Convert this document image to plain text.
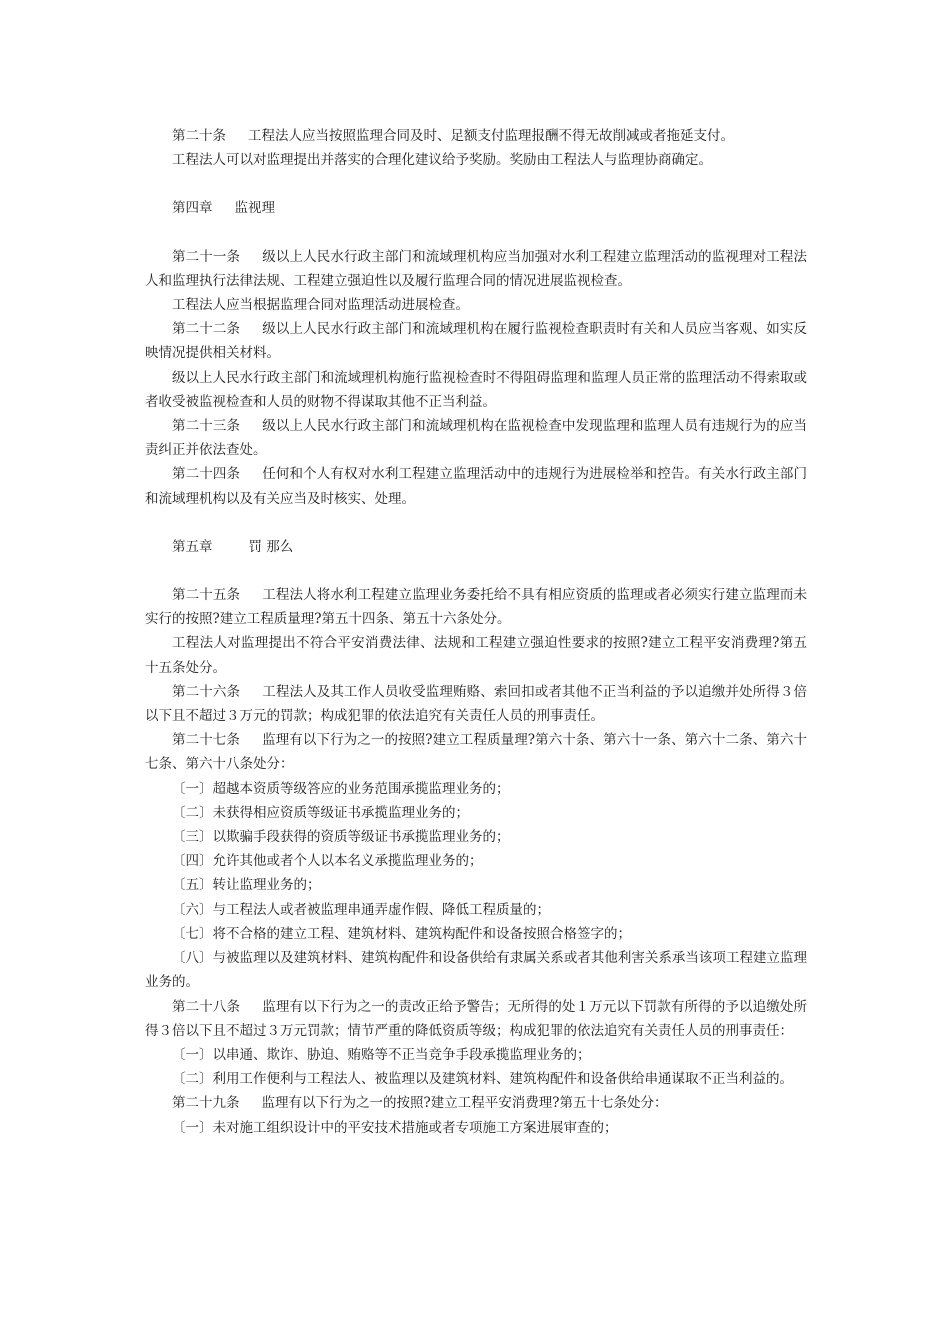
第二十条 工程法人应当按照监理合同及时、足额支付监理报酬不得无故削减或者拖延支付。

工程法人可以对监理提出并落实的合理化建议给予奖励。奖励由工程法人与监理协商确定。

第四章 监视理

第二十一条 级以上人民水行政主部门和流域理机构应当加强对水利工程建立监理活动的监视理对工程法人和监理执行法律法规、工程建立强迫性以及履行监理合同的情况进展监视检查。

工程法人应当根据监理合同对监理活动进展检查。

第二十二条 级以上人民水行政主部门和流域理机构在履行监视检查职责时有关和人员应当客观、如实反映情况提供相关材料。

级以上人民水行政主部门和流域理机构施行监视检查时不得阻碍监理和监理人员正常的监理活动不得索取或者收受被监视检查和人员的财物不得谋取其他不正当利益。

第二十三条 级以上人民水行政主部门和流域理机构在监视检查中发现监理和监理人员有违规行为的应当责纠正并依法查处。

第二十四条 任何和个人有权对水利工程建立监理活动中的违规行为进展检举和控告。有关水行政主部门和流域理机构以及有关应当及时核实、处理。

第五章	罚 那么

第二十五条 工程法人将水利工程建立监理业务委托给不具有相应资质的监理或者必须实行建立监理而未实行的按照?建立工程质量理?第五十四条、第五十六条处分。

工程法人对监理提出不符合平安消费法律、法规和工程建立强迫性要求的按照?建立工程平安消费理?第五十五条处分。

第二十六条 工程法人及其工作人员收受监理贿赂、索回扣或者其他不正当利益的予以追缴并处所得３倍以下且不超过３万元的罚款；构成犯罪的依法追究有关责任人员的刑事责任。

第二十七条 监理有以下行为之一的按照?建立工程质量理?第六十条、第六十一条、第六十二条、第六十七条、第六十八条处分：

〔一〕超越本资质等级答应的业务范围承揽监理业务的；

〔二〕未获得相应资质等级证书承揽监理业务的；

〔三〕以欺骗手段获得的资质等级证书承揽监理业务的；

〔四〕允许其他或者个人以本名义承揽监理业务的；

〔五〕转让监理业务的；

〔六〕与工程法人或者被监理串通弄虚作假、降低工程质量的；

〔七〕将不合格的建立工程、建筑材料、建筑构配件和设备按照合格签字的；

〔八〕与被监理以及建筑材料、建筑构配件和设备供给有隶属关系或者其他利害关系承当该项工程建立监理业务的。

第二十八条 监理有以下行为之一的责改正给予警告；无所得的处１万元以下罚款有所得的予以追缴处所得３倍以下且不超过３万元罚款；情节严重的降低资质等级；构成犯罪的依法追究有关责任人员的刑事责任：

〔一〕以串通、欺诈、胁迫、贿赂等不正当竞争手段承揽监理业务的；

〔二〕利用工作便利与工程法人、被监理以及建筑材料、建筑构配件和设备供给串通谋取不正当利益的。

第二十九条 监理有以下行为之一的按照?建立工程平安消费理?第五十七条处分：

〔一〕未对施工组织设计中的平安技术措施或者专项施工方案进展审查的；
